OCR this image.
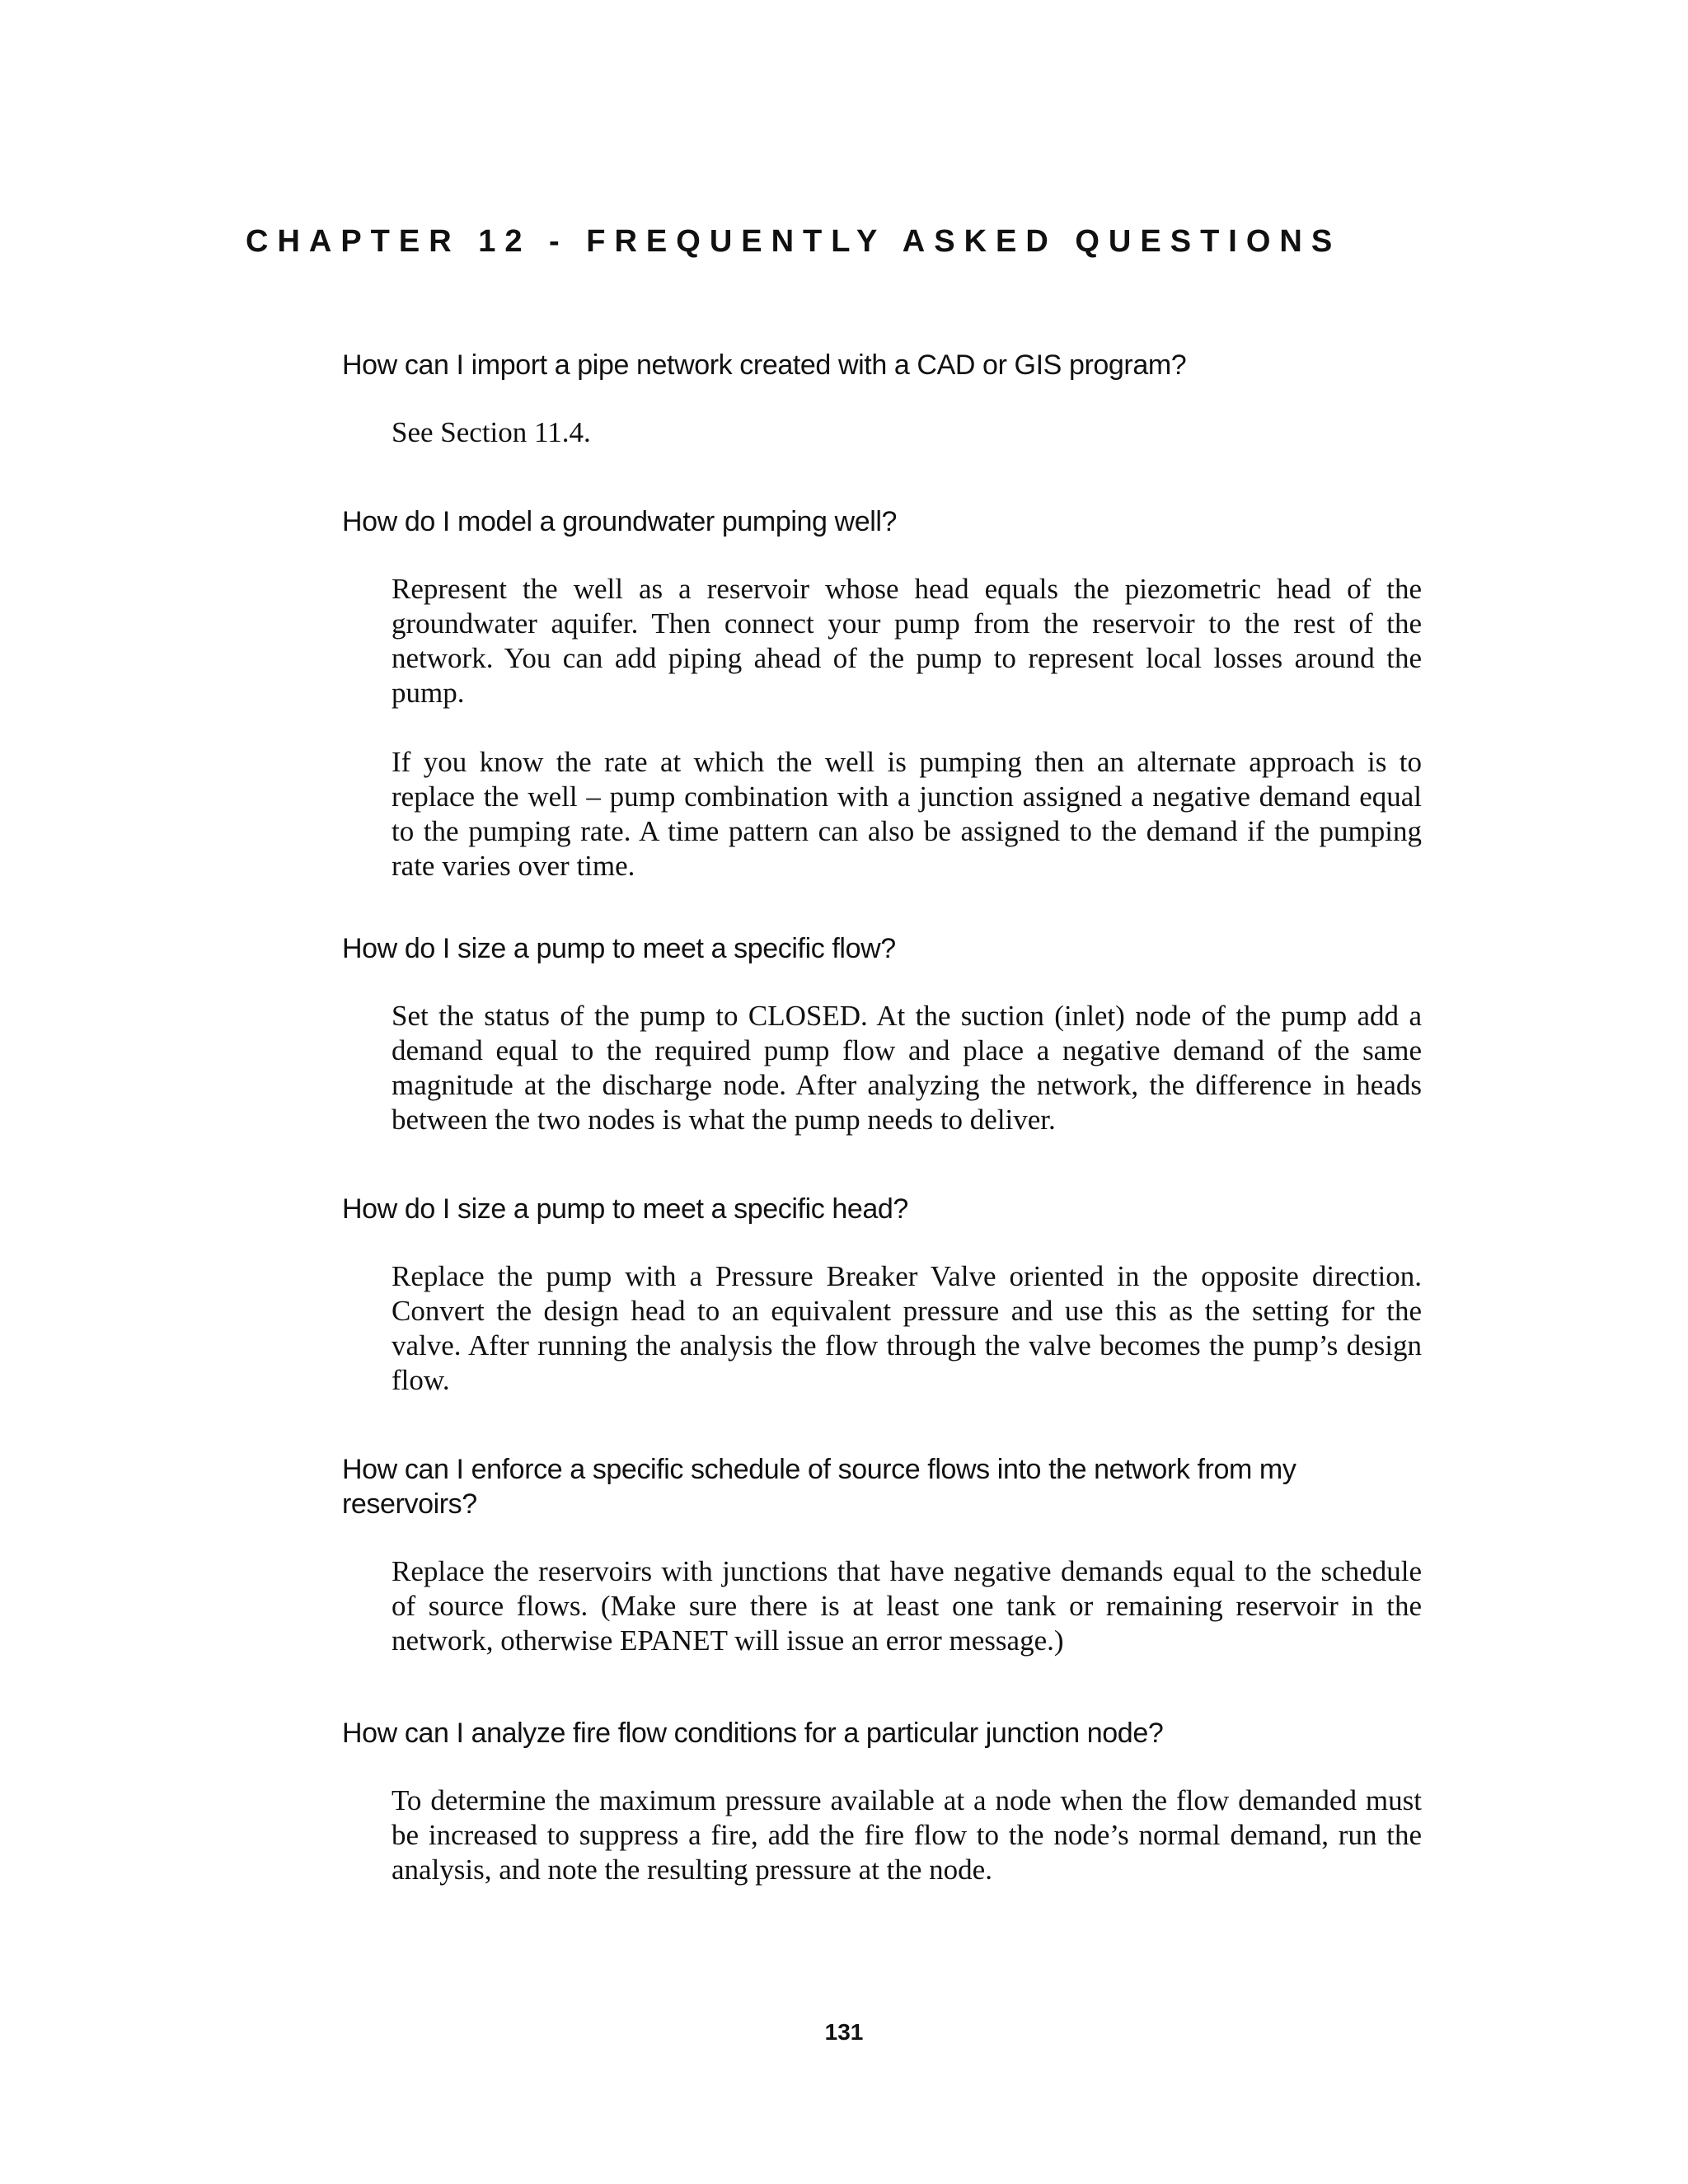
CHAPTER 12 - FREQUENTLY ASKED QUESTIONS
How can I import a pipe network created with a CAD or GIS program?

See Section 11.4.

How do I model a groundwater pumping well?

Represent the well as a reservoir whose head equals the piezometric head of the groundwater aquifer. Then connect your pump from the reservoir to the rest of the network. You can add piping ahead of the pump to represent local losses around the pump.

If you know the rate at which the well is pumping then an alternate approach is to replace the well – pump combination with a junction assigned a negative demand equal to the pumping rate. A time pattern can also be assigned to the demand if the pumping rate varies over time.

How do I size a pump to meet a specific flow?

Set the status of the pump to CLOSED. At the suction (inlet) node of the pump add a demand equal to the required pump flow and place a negative demand of the same magnitude at the discharge node. After analyzing the network, the difference in heads between the two nodes is what the pump needs to deliver.

How do I size a pump to meet a specific head?

Replace the pump with a Pressure Breaker Valve oriented in the opposite direction. Convert the design head to an equivalent pressure and use this as the setting for the valve. After running the analysis the flow through the valve becomes the pump’s design flow.

How can I enforce a specific schedule of source flows into the network from my reservoirs?

Replace the reservoirs with junctions that have negative demands equal to the schedule of source flows. (Make sure there is at least one tank or remaining reservoir in the network, otherwise EPANET will issue an error message.)

How can I analyze fire flow conditions for a particular junction node?

To determine the maximum pressure available at a node when the flow demanded must be increased to suppress a fire, add the fire flow to the node’s normal demand, run the analysis, and note the resulting pressure at the node.

131
